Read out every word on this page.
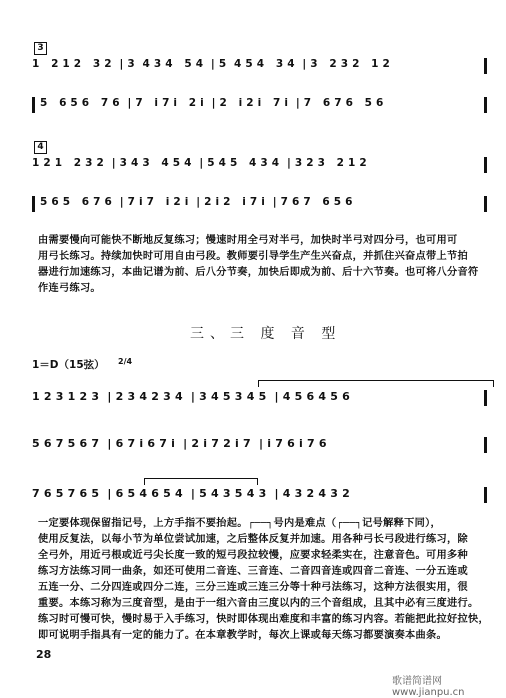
3
1   2 1 2   3 2  | 3  4 3 4   5 4  | 5  4 5 4   3 4  | 3   2 3 2   1 2
5   6 5 6   7 6  | 7   i 7 i   2 i  | 2   i 2 i   7 i  | 7   6 7 6   5 6
4
1 2 1   2 3 2  | 3 4 3   4 5 4  | 5 4 5   4 3 4  | 3 2 3   2 1 2
5 6 5   6 7 6  | 7 i 7   i 2 i  | 2 i 2   i 7 i  | 7 6 7   6 5 6
由需要慢向可能快不断地反复练习；慢速时用全弓对半弓，加快时半弓对四分弓，也可用可
用弓长练习。持续加快时可用自由弓段。教师要引导学生产生兴奋点，并抓住兴奋点带上节拍
器进行加速练习，本曲记谱为前、后八分节奏，加快后即成为前、后十六节奏。也可将八分音符
作连弓练习。
三、三 度 音 型
1＝D（15弦） 2/4
1 2 3 1 2 3  | 2 3 4 2 3 4  | 3 4 5 3 4 5  | 4 5 6 4 5 6
5 6 7 5 6 7  | 6 7 i 6 7 i  | 2 i 7 2 i 7  | i 7 6 i 7 6
7 6 5 7 6 5  | 6 5 4 6 5 4  | 5 4 3 5 4 3  | 4 3 2 4 3 2
一定要体现保留指记号，上方手指不要抬起。┌──┐号内是难点（┌──┐记号解释下同），
使用反复法，以每小节为单位尝试加速，之后整体反复并加速。用各种弓长弓段进行练习，除
全弓外，用近弓根或近弓尖长度一致的短弓段拉较慢，应要求轻柔实在，注意音色。可用多种
练习方法练习同一曲条，如还可使用二音连、三音连、二音四音连或四音二音连、一分五连或
五连一分、二分四连或四分二连，三分三连或三连三分等十种弓法练习，这种方法很实用，很
重要。本练习称为三度音型，是由于一组六音由三度以内的三个音组成，且其中必有三度进行。
练习时可慢可快，慢时易于入手练习，快时即体现出难度和丰富的练习内容。若能把此拉好拉快，
即可说明手指具有一定的能力了。在本章教学时，每次上课或每天练习都要演奏本曲条。
28
歌谱简谱网 www.jianpu.cn
